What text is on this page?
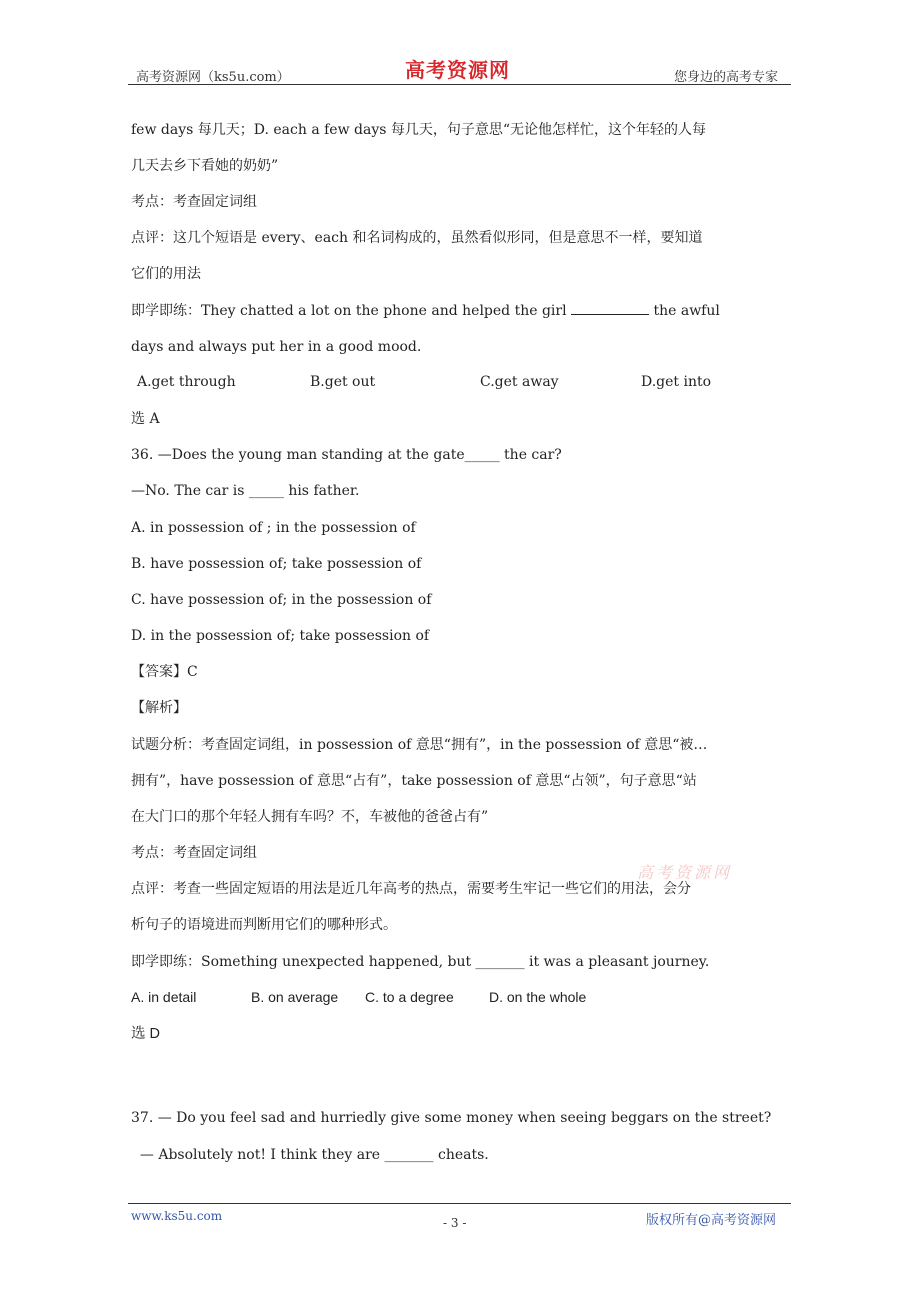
高考资源网（ks5u.com）	高考资源网	您身边的高考专家
few days 每几天；D. each a few days 每几天，句子意思“无论他怎样忙，这个年轻的人每
几天去乡下看她的奶奶”
考点：考查固定词组
点评：这几个短语是 every、each 和名词构成的，虽然看似形同，但是意思不一样，要知道
它们的用法
即学即练：They chatted a lot on the phone and helped the girl	the awful
days and always put her in a good mood.
A.get through	B.get out	C.get away	D.get into
选 A
36. —Does the young man standing at the gate_____ the car?
—No. The car is _____ his father.
A. in possession of ; in the possession of
B. have possession of; take possession of
C. have possession of; in the possession of
D. in the possession of; take possession of
【答案】C
【解析】
试题分析：考查固定词组，in possession of 意思“拥有”，in the possession of 意思“被…
拥有”，have possession of 意思“占有”，take possession of 意思“占领”，句子意思“站
在大门口的那个年轻人拥有车吗？不，车被他的爸爸占有”
考点：考查固定词组
点评：考查一些固定短语的用法是近几年高考的热点，需要考生牢记一些它们的用法，会分
析句子的语境进而判断用它们的哪种形式。
即学即练：Something unexpected happened, but _______ it was a pleasant journey.
A. in detail	B. on average C. to a degree	D. on the whole
选 D
37. — Do you feel sad and hurriedly give some money when seeing beggars on the street?
— Absolutely not! I think they are _______ cheats.
高考资源网
www.ks5u.com	- 3 -	版权所有@高考资源网
